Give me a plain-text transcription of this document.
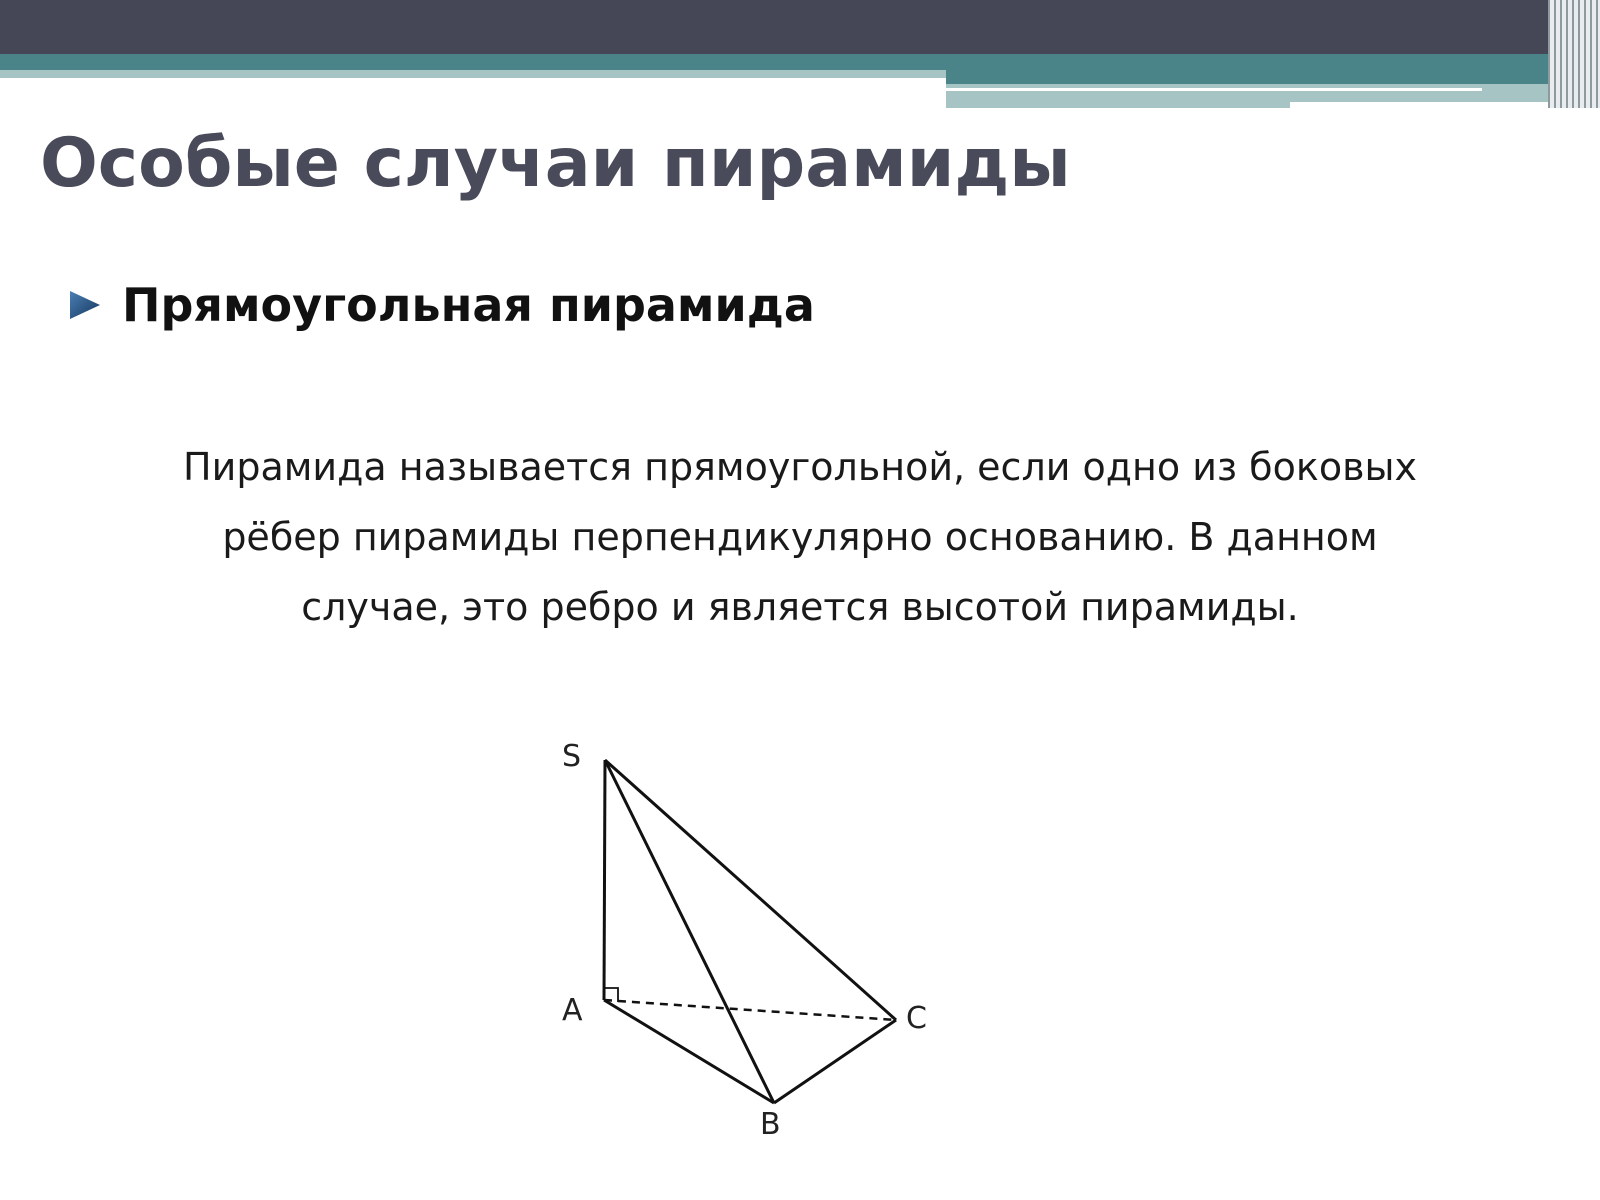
Особые случаи пирамиды
Прямоугольная пирамида

Пирамида называется прямоугольной, если одно из боковых
рёбер пирамиды перпендикулярно основанию. В данном
случае, это ребро и является высотой пирамиды.

S
A
B
C
